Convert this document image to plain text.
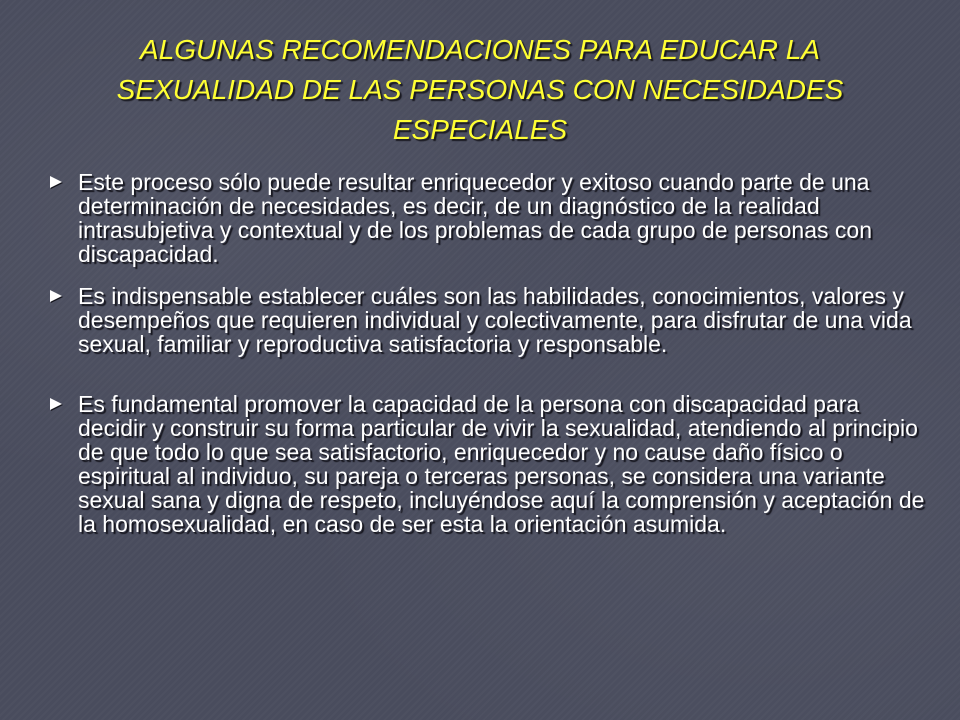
ALGUNAS RECOMENDACIONES PARA EDUCAR LA SEXUALIDAD DE LAS PERSONAS CON NECESIDADES ESPECIALES
Este proceso sólo puede resultar enriquecedor y exitoso cuando parte de una determinación de necesidades, es decir, de un diagnóstico de la realidad intrasubjetiva y contextual y de los problemas de cada grupo de personas con discapacidad.
Es indispensable establecer cuáles son las habilidades, conocimientos, valores y desempeños que requieren individual y colectivamente, para disfrutar de una vida sexual, familiar y reproductiva satisfactoria y responsable.
Es fundamental promover la capacidad de la persona con discapacidad para decidir y construir su forma particular de vivir la sexualidad, atendiendo al principio de que todo lo que sea satisfactorio, enriquecedor y no cause daño físico o espiritual al individuo, su pareja o terceras personas, se considera una variante sexual sana y digna de respeto, incluyéndose aquí la comprensión y aceptación de la homosexualidad, en caso de ser esta la orientación asumida.
